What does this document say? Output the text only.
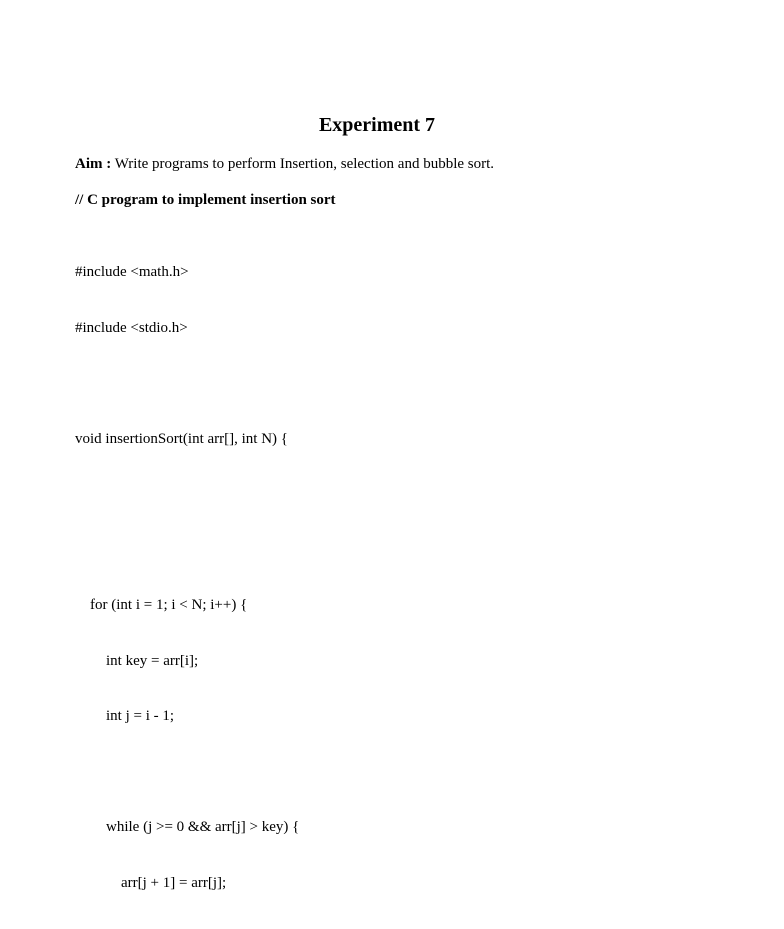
Experiment 7
Aim : Write programs to perform Insertion, selection and bubble sort.
// C program to implement insertion sort

#include <math.h>

#include <stdio.h>

void insertionSort(int arr[], int N) {

for (int i = 1; i < N; i++) {

int key = arr[i];

int j = i - 1;

while (j >= 0 && arr[j] > key) {

arr[j + 1] = arr[j];
